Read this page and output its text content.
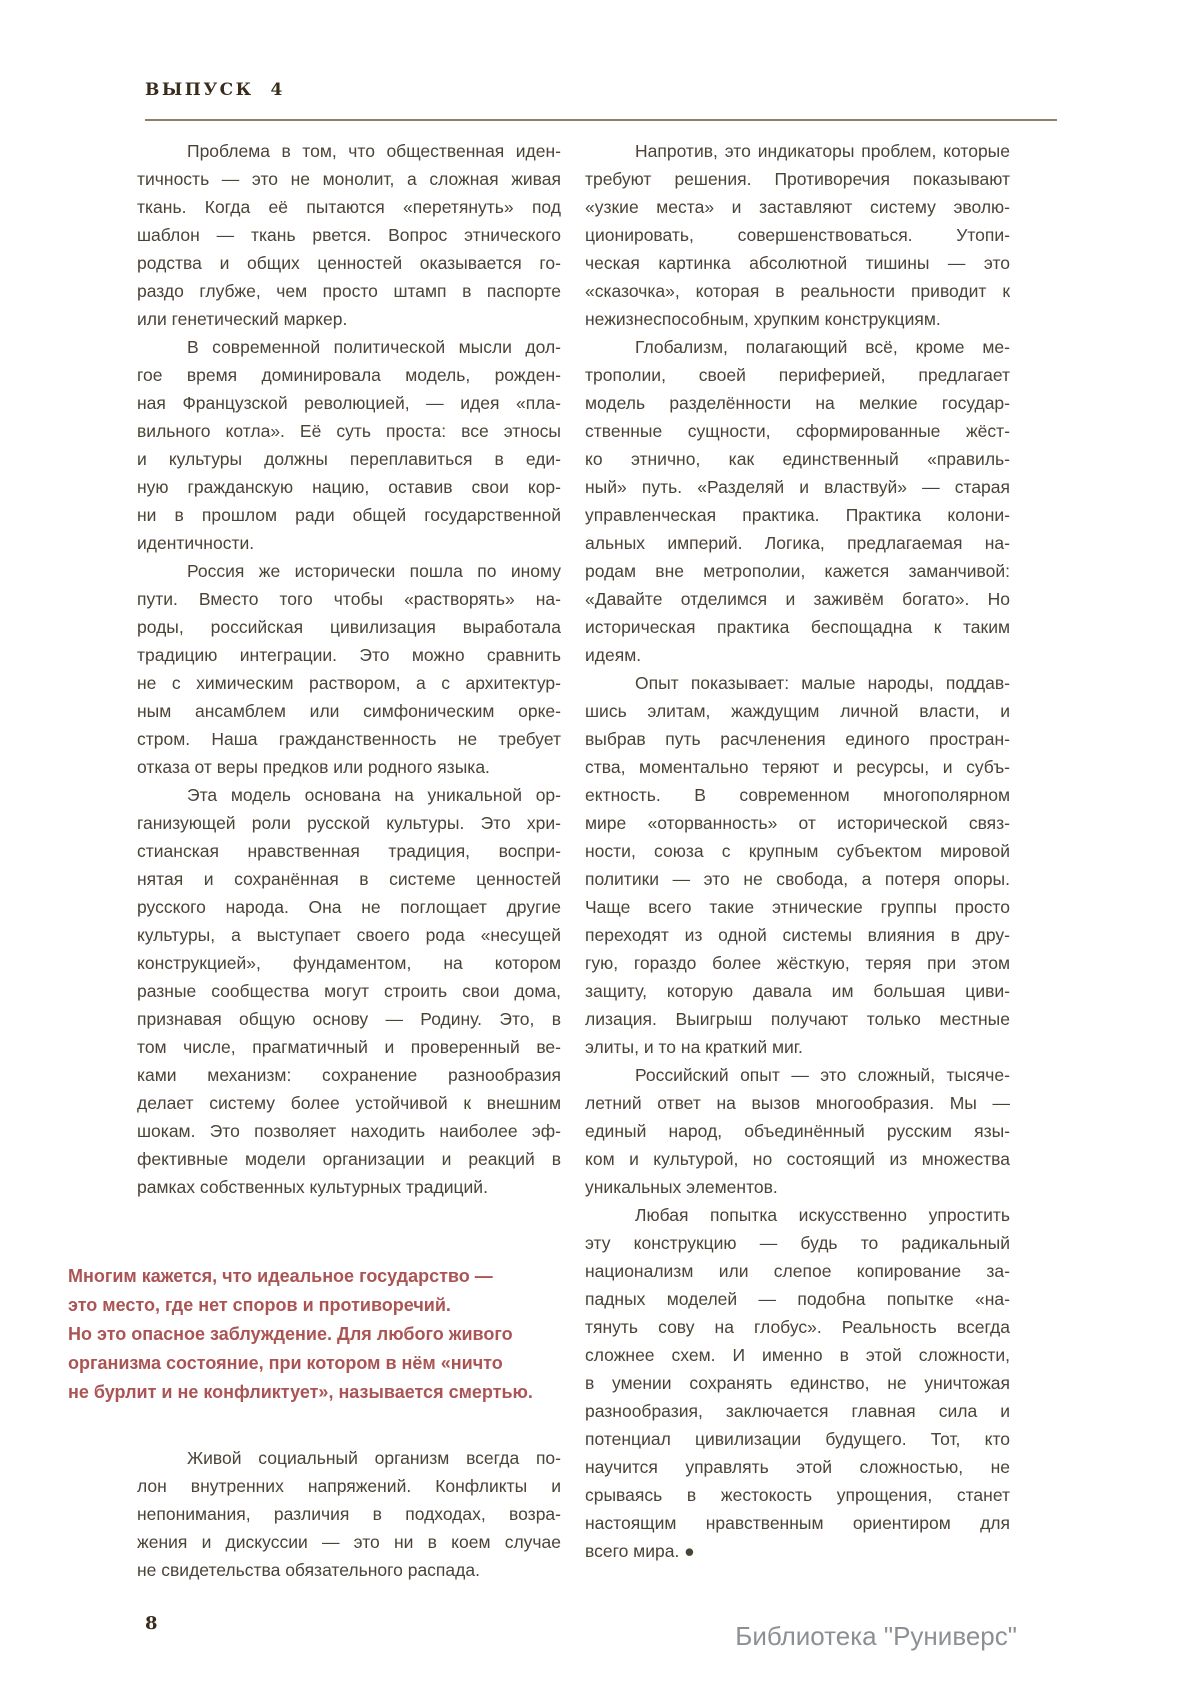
ВЫПУСК  4
Проблема в том, что общественная иден-
тичность — это не монолит, а сложная живая
ткань. Когда её пытаются «перетянуть» под
шаблон — ткань рвется. Вопрос этнического
родства и общих ценностей оказывается го-
раздо глубже, чем просто штамп в паспорте
или генетический маркер.
В современной политической мысли дол-
гое время доминировала модель, рожден-
ная Французской революцией, — идея «пла-
вильного котла». Её суть проста: все этносы
и культуры должны переплавиться в еди-
ную гражданскую нацию, оставив свои кор-
ни в прошлом ради общей государственной
идентичности.
Россия же исторически пошла по иному
пути. Вместо того чтобы «растворять» на-
роды, российская цивилизация выработала
традицию интеграции. Это можно сравнить
не с химическим раствором, а с архитектур-
ным ансамблем или симфоническим орке-
стром. Наша гражданственность не требует
отказа от веры предков или родного языка.
Эта модель основана на уникальной ор-
ганизующей роли русской культуры. Это хри-
стианская нравственная традиция, воспри-
нятая и сохранённая в системе ценностей
русского народа. Она не поглощает другие
культуры, а выступает своего рода «несущей
конструкцией», фундаментом, на котором
разные сообщества могут строить свои дома,
признавая общую основу — Родину. Это, в
том числе, прагматичный и проверенный ве-
ками механизм: сохранение разнообразия
делает систему более устойчивой к внешним
шокам. Это позволяет находить наиболее эф-
фективные модели организации и реакций в
рамках собственных культурных традиций.
Многим кажется, что идеальное государство —
это место, где нет споров и противоречий.
Но это опасное заблуждение. Для любого живого
организма состояние, при котором в нём «ничто
не бурлит и не конфликтует», называется смертью.
Живой социальный организм всегда по-
лон внутренних напряжений. Конфликты и
непонимания, различия в подходах, возра-
жения и дискуссии — это ни в коем случае
не свидетельства обязательного распада.
Напротив, это индикаторы проблем, которые
требуют решения. Противоречия показывают
«узкие места» и заставляют систему эволю-
ционировать, совершенствоваться. Утопи-
ческая картинка абсолютной тишины — это
«сказочка», которая в реальности приводит к
нежизнеспособным, хрупким конструкциям.
Глобализм, полагающий всё, кроме ме-
трополии, своей периферией, предлагает
модель разделённости на мелкие государ-
ственные сущности, сформированные жёст-
ко этнично, как единственный «правиль-
ный» путь. «Разделяй и властвуй» — старая
управленческая практика. Практика колони-
альных империй. Логика, предлагаемая на-
родам вне метрополии, кажется заманчивой:
«Давайте отделимся и заживём богато». Но
историческая практика беспощадна к таким
идеям.
Опыт показывает: малые народы, поддав-
шись элитам, жаждущим личной власти, и
выбрав путь расчленения единого простран-
ства, моментально теряют и ресурсы, и субъ-
ектность. В современном многополярном
мире «оторванность» от исторической связ-
ности, союза с крупным субъектом мировой
политики — это не свобода, а потеря опоры.
Чаще всего такие этнические группы просто
переходят из одной системы влияния в дру-
гую, гораздо более жёсткую, теряя при этом
защиту, которую давала им большая циви-
лизация. Выигрыш получают только местные
элиты, и то на краткий миг.
Российский опыт — это сложный, тысяче-
летний ответ на вызов многообразия. Мы —
единый народ, объединённый русским язы-
ком и культурой, но состоящий из множества
уникальных элементов.
Любая попытка искусственно упростить
эту конструкцию — будь то радикальный
национализм или слепое копирование за-
падных моделей — подобна попытке «на-
тянуть сову на глобус». Реальность всегда
сложнее схем. И именно в этой сложности,
в умении сохранять единство, не уничтожая
разнообразия, заключается главная сила и
потенциал цивилизации будущего. Тот, кто
научится управлять этой сложностью, не
срываясь в жестокость упрощения, станет
настоящим нравственным ориентиром для
всего мира. ●
8	Библиотека "Руниверс"
